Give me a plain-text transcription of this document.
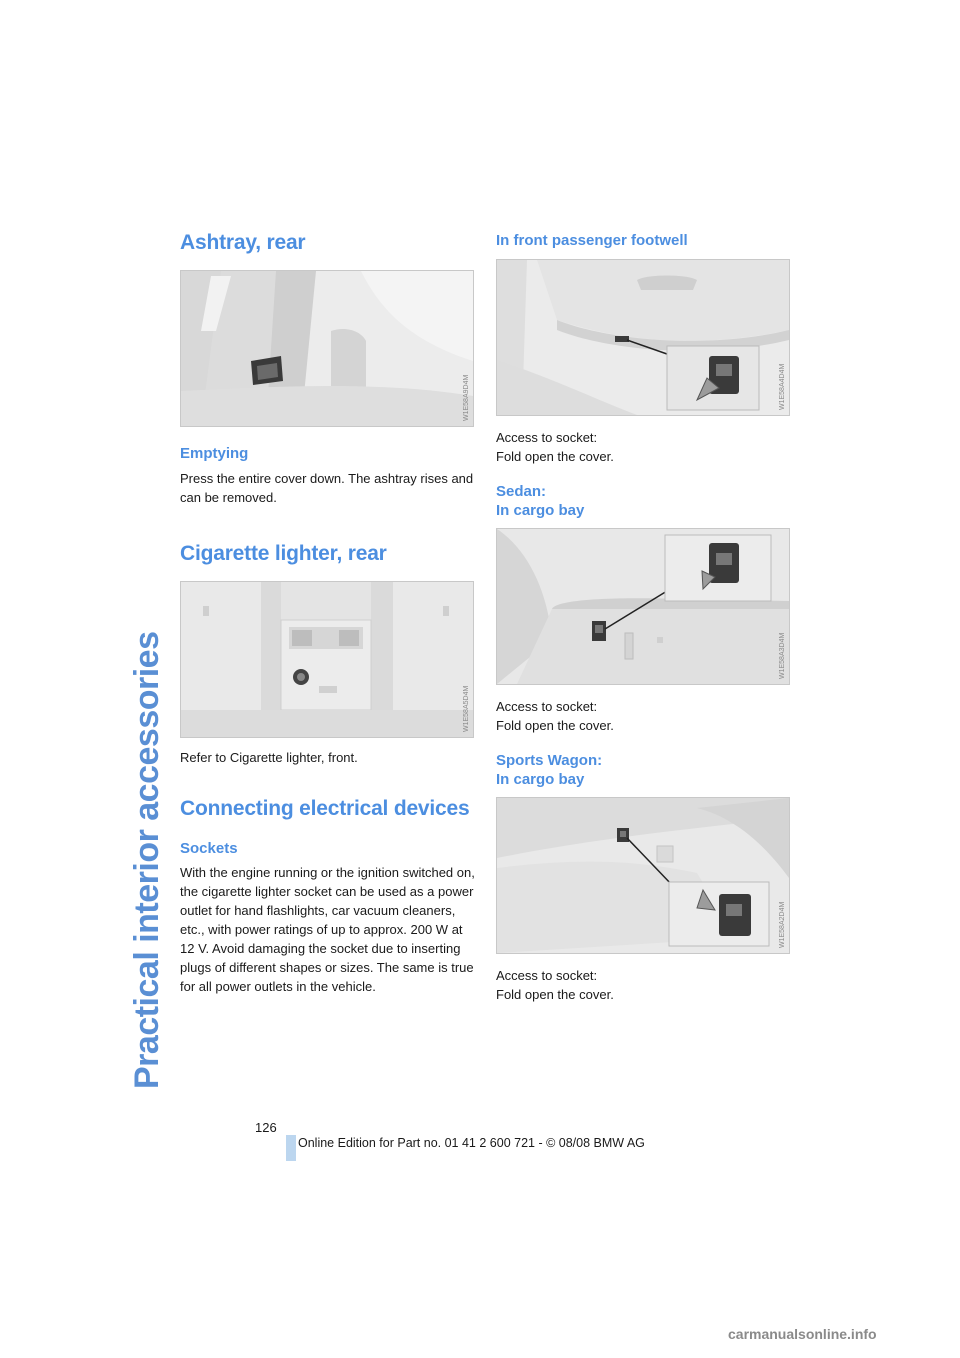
Practical interior accessories
Ashtray, rear
W1E58A9D4M
Emptying

Press the entire cover down. The ashtray rises and can be removed.

Cigarette lighter, rear
W1E58A5D4M

Refer to Cigarette lighter, front.

Connecting electrical devices
Sockets

With the engine running or the ignition switched on, the cigarette lighter socket can be used as a power outlet for hand flashlights, car vacuum cleaners, etc., with power ratings of up to approx. 200 W at 12 V. Avoid damaging the socket due to inserting plugs of different shapes or sizes. The same is true for all power outlets in the vehicle.

In front passenger footwell
W1E58A4D4M

Access to socket:

Fold open the cover.

Sedan:
In cargo bay
W1E58A3D4M

Access to socket:

Fold open the cover.

Sports Wagon:
In cargo bay
W1E58A2D4M

Access to socket:

Fold open the cover.

126
Online Edition for Part no. 01 41 2 600 721 - © 08/08 BMW AG
carmanualsonline.info
